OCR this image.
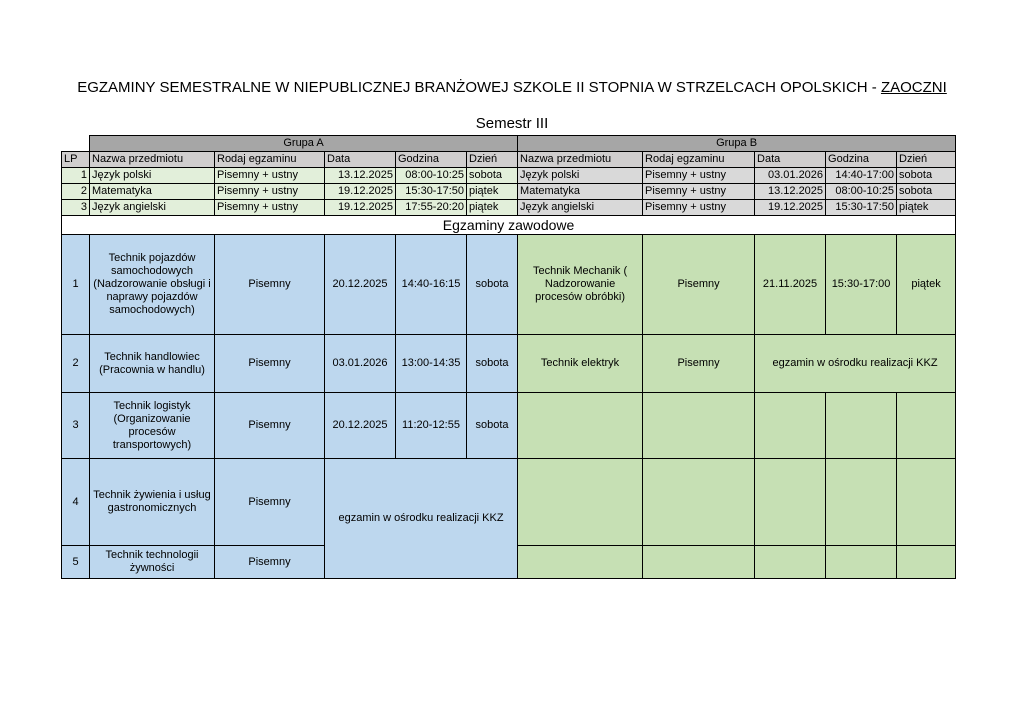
EGZAMINY SEMESTRALNE W NIEPUBLICZNEJ BRANŻOWEJ SZKOLE II STOPNIA W STRZELCACH OPOLSKICH - ZAOCZNI
Semestr III
	Grupa A					Grupa B				
LP	Nazwa przedmiotu	Rodaj egzaminu	Data	Godzina	Dzień	Nazwa przedmiotu	Rodaj egzaminu	Data	Godzina	Dzień
1	Język polski	Pisemny + ustny	13.12.2025	08:00-10:25	sobota	Język polski	Pisemny + ustny	03.01.2026	14:40-17:00	sobota
2	Matematyka	Pisemny + ustny	19.12.2025	15:30-17:50	piątek	Matematyka	Pisemny + ustny	13.12.2025	08:00-10:25	sobota
3	Język angielski	Pisemny + ustny	19.12.2025	17:55-20:20	piątek	Język angielski	Pisemny + ustny	19.12.2025	15:30-17:50	piątek
Egzaminy zawodowe										
1	Technik pojazdów samochodowych (Nadzorowanie obsługi i naprawy pojazdów samochodowych)	Pisemny	20.12.2025	14:40-16:15	sobota	Technik Mechanik ( Nadzorowanie procesów obróbki)	Pisemny	21.11.2025	15:30-17:00	piątek
2	Technik handlowiec (Pracownia w handlu)	Pisemny	03.01.2026	13:00-14:35	sobota	Technik elektryk	Pisemny	egzamin w ośrodku realizacji KKZ		
3	Technik logistyk (Organizowanie procesów transportowych)	Pisemny	20.12.2025	11:20-12:55	sobota					
4	Technik żywienia i usług gastronomicznych	Pisemny	egzamin w ośrodku realizacji KKZ							
5	Technik technologii żywności	Pisemny								
